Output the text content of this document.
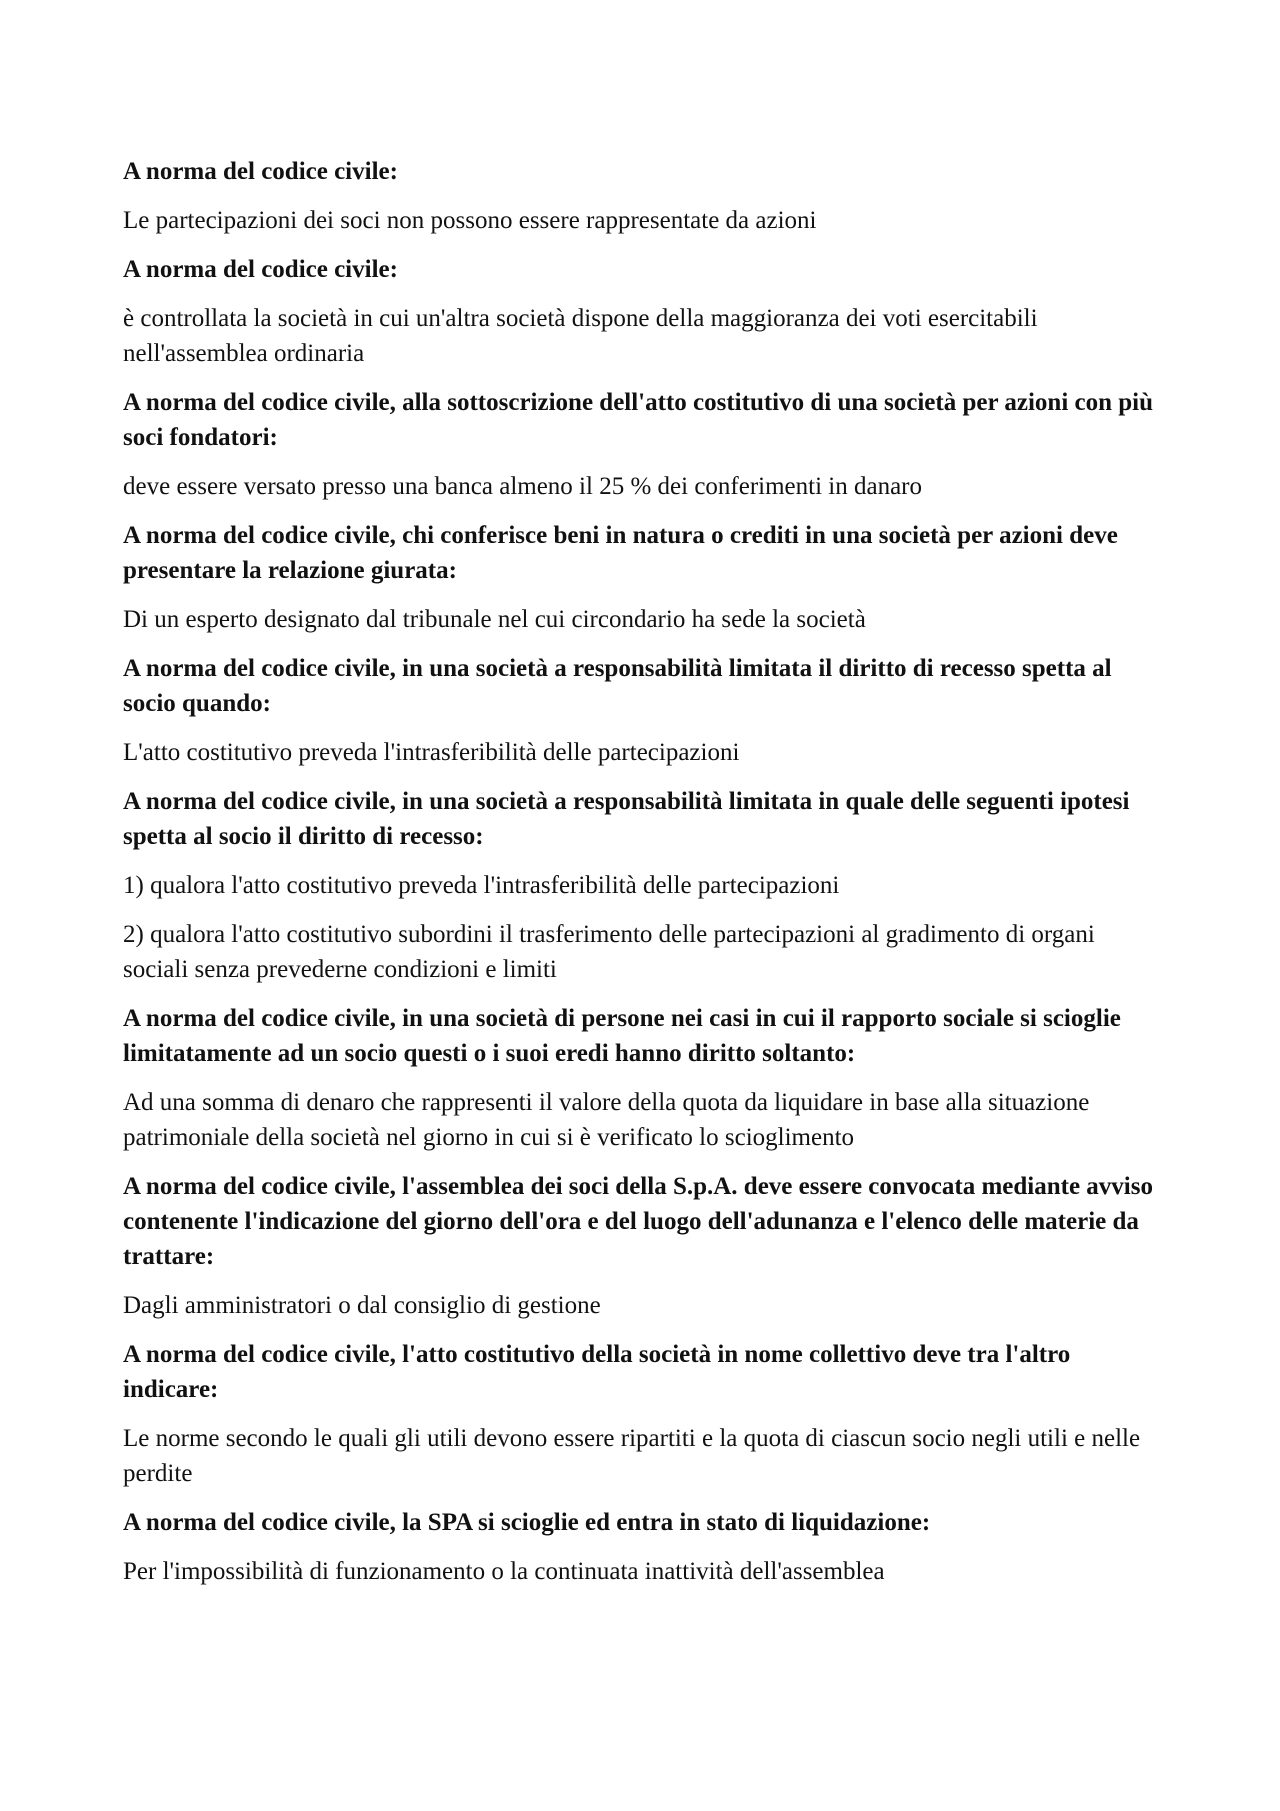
A norma del codice civile:

Le partecipazioni dei soci non possono essere rappresentate da azioni

A norma del codice civile:

è controllata la società in cui un'altra società dispone della maggioranza dei voti esercitabili nell'assemblea ordinaria

A norma del codice civile, alla sottoscrizione dell'atto costitutivo di una società per azioni con più soci fondatori:

deve essere versato presso una banca almeno il 25 % dei conferimenti in danaro

A norma del codice civile, chi conferisce beni in natura o crediti in una società per azioni deve presentare la relazione giurata:

Di un esperto designato dal tribunale nel cui circondario ha sede la società

A norma del codice civile, in una società a responsabilità limitata il diritto di recesso spetta al socio quando:

L'atto costitutivo preveda l'intrasferibilità delle partecipazioni

A norma del codice civile, in una società a responsabilità limitata in quale delle seguenti ipotesi spetta al socio il diritto di recesso:

1) qualora l'atto costitutivo preveda l'intrasferibilità delle partecipazioni

2) qualora l'atto costitutivo subordini il trasferimento delle partecipazioni al gradimento di organi sociali senza prevederne condizioni e limiti

A norma del codice civile, in una società di persone nei casi in cui il rapporto sociale si scioglie limitatamente ad un socio questi o i suoi eredi hanno diritto soltanto:

Ad una somma di denaro che rappresenti il valore della quota da liquidare in base alla situazione patrimoniale della società nel giorno in cui si è verificato lo scioglimento

A norma del codice civile, l'assemblea dei soci della S.p.A. deve essere convocata mediante avviso contenente l'indicazione del giorno dell'ora e del luogo dell'adunanza e l'elenco delle materie da trattare:

Dagli amministratori o dal consiglio di gestione

A norma del codice civile, l'atto costitutivo della società in nome collettivo deve tra l'altro indicare:

Le norme secondo le quali gli utili devono essere ripartiti e la quota di ciascun socio negli utili e nelle perdite

A norma del codice civile, la SPA si scioglie ed entra in stato di liquidazione:

Per l'impossibilità di funzionamento o la continuata inattività dell'assemblea
